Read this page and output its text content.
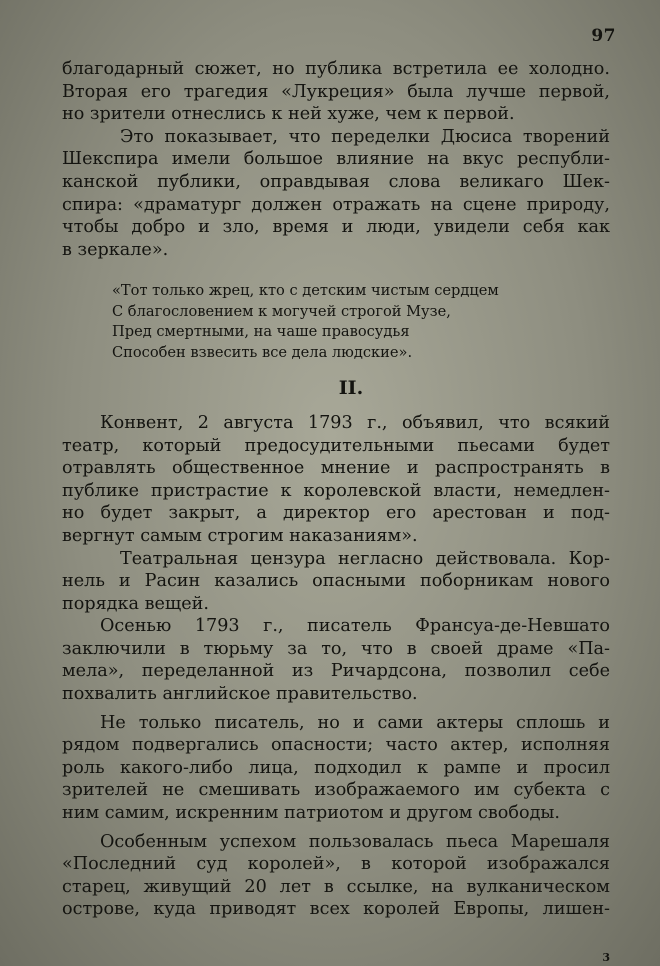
97
благодарный сюжет, но публика встретила ее холодно.
Вторая его трагедия «Лукреция» была лучше первой,
но зрители отнеслись к ней хуже, чем к первой.
Это показывает, что переделки Дюсиса творений
Шекспира имели большое влияние на вкус республи-
канской публики, оправдывая слова великаго Шек-
спира: «драматург должен отражать на сцене природу,
чтобы добро и зло, время и люди, увидели себя как
в зеркале».
«Тот только жрец, кто с детским чистым сердцем
С благословением к могучей строгой Музе,
Пред смертными, на чаше правосудья
Способен взвесить все дела людские».
II.
Конвент, 2 августа 1793 г., объявил, что всякий
театр, который предосудительными пьесами будет
отравлять общественное мнение и распространять в
публике пристрастие к королевской власти, немедлен-
но будет закрыт, а директор его арестован и под-
вергнут самым строгим наказаниям».
Театральная цензура негласно действовала. Кор-
нель и Расин казались опасными поборникам нового
порядка вещей.
Осенью 1793 г., писатель Франсуа-де-Невшато
заключили в тюрьму за то, что в своей драме «Па-
мела», переделанной из Ричардсона, позволил себе
похвалить английское правительство.
Не только писатель, но и сами актеры сплошь и
рядом подвергались опасности; часто актер, исполняя
роль какого-либо лица, подходил к рампе и просил
зрителей не смешивать изображаемого им субекта с
ним самим, искренним патриотом и другом свободы.
Особенным успехом пользовалась пьеса Марешаля
«Последний суд королей», в которой изображался
старец, живущий 20 лет в ссылке, на вулканическом
острове, куда приводят всех королей Европы, лишен-
3
